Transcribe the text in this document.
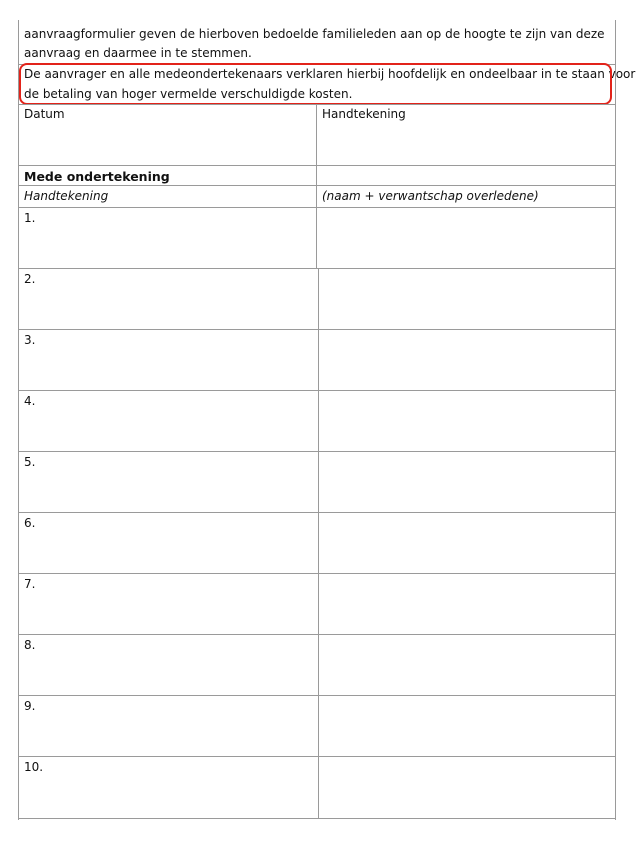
aanvraagformulier geven de hierboven bedoelde familieleden aan op de hoogte te zijn van deze
aanvraag en daarmee in te stemmen.
De aanvrager en alle medeondertekenaars verklaren hierbij hoofdelijk en ondeelbaar in te staan voor
de betaling van hoger vermelde verschuldigde kosten.
Datum	Handtekening
Mede ondertekening
Handtekening	(naam + verwantschap overledene)
1.
2.
3.
4.
5.
6.
7.
8.
9.
10.
